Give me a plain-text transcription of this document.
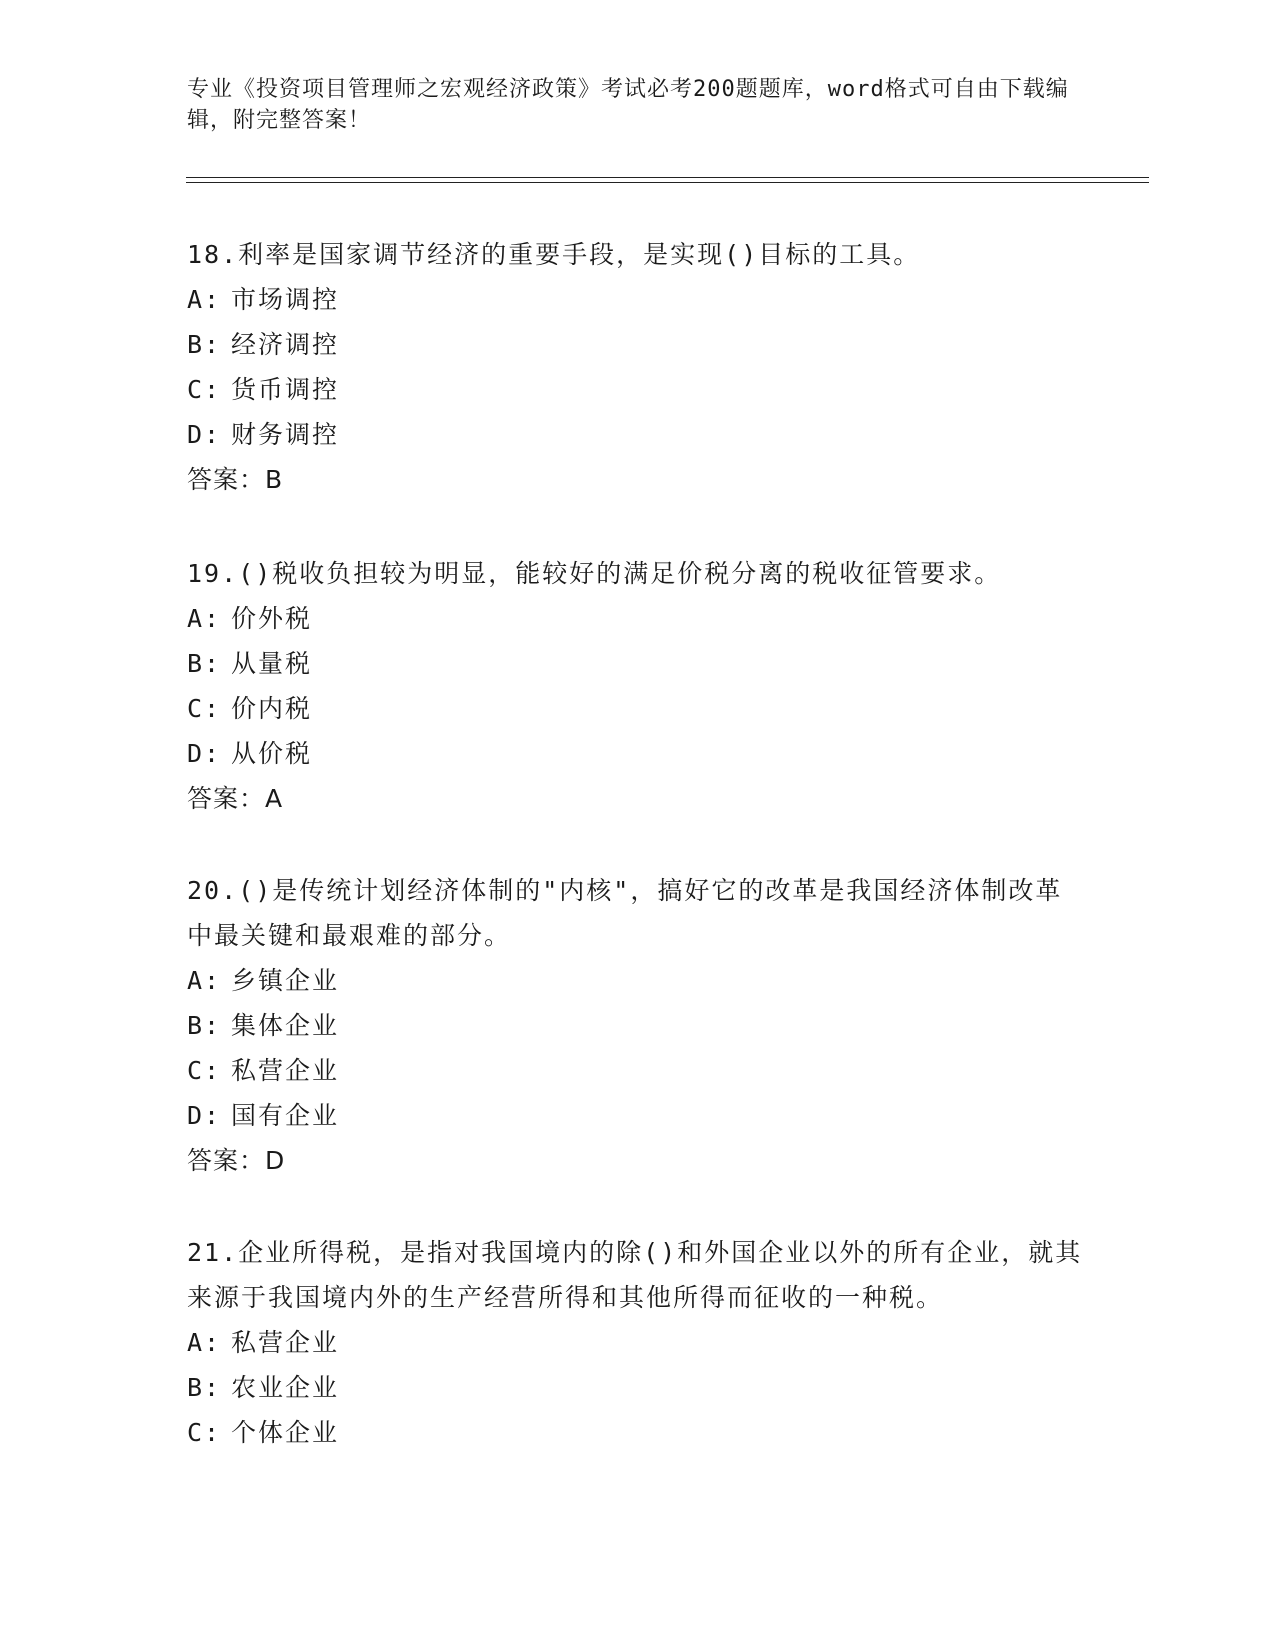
专业《投资项目管理师之宏观经济政策》考试必考200题题库，word格式可自由下载编辑，附完整答案！

18.利率是国家调节经济的重要手段，是实现()目标的工具。

A: 市场调控

B: 经济调控

C: 货币调控

D: 财务调控

答案：B

19.()税收负担较为明显，能较好的满足价税分离的税收征管要求。

A: 价外税

B: 从量税

C: 价内税

D: 从价税

答案：A

20.()是传统计划经济体制的"内核"，搞好它的改革是我国经济体制改革中最关键和最艰难的部分。

A: 乡镇企业

B: 集体企业

C: 私营企业

D: 国有企业

答案：D

21.企业所得税，是指对我国境内的除()和外国企业以外的所有企业，就其来源于我国境内外的生产经营所得和其他所得而征收的一种税。

A: 私营企业

B: 农业企业

C: 个体企业
